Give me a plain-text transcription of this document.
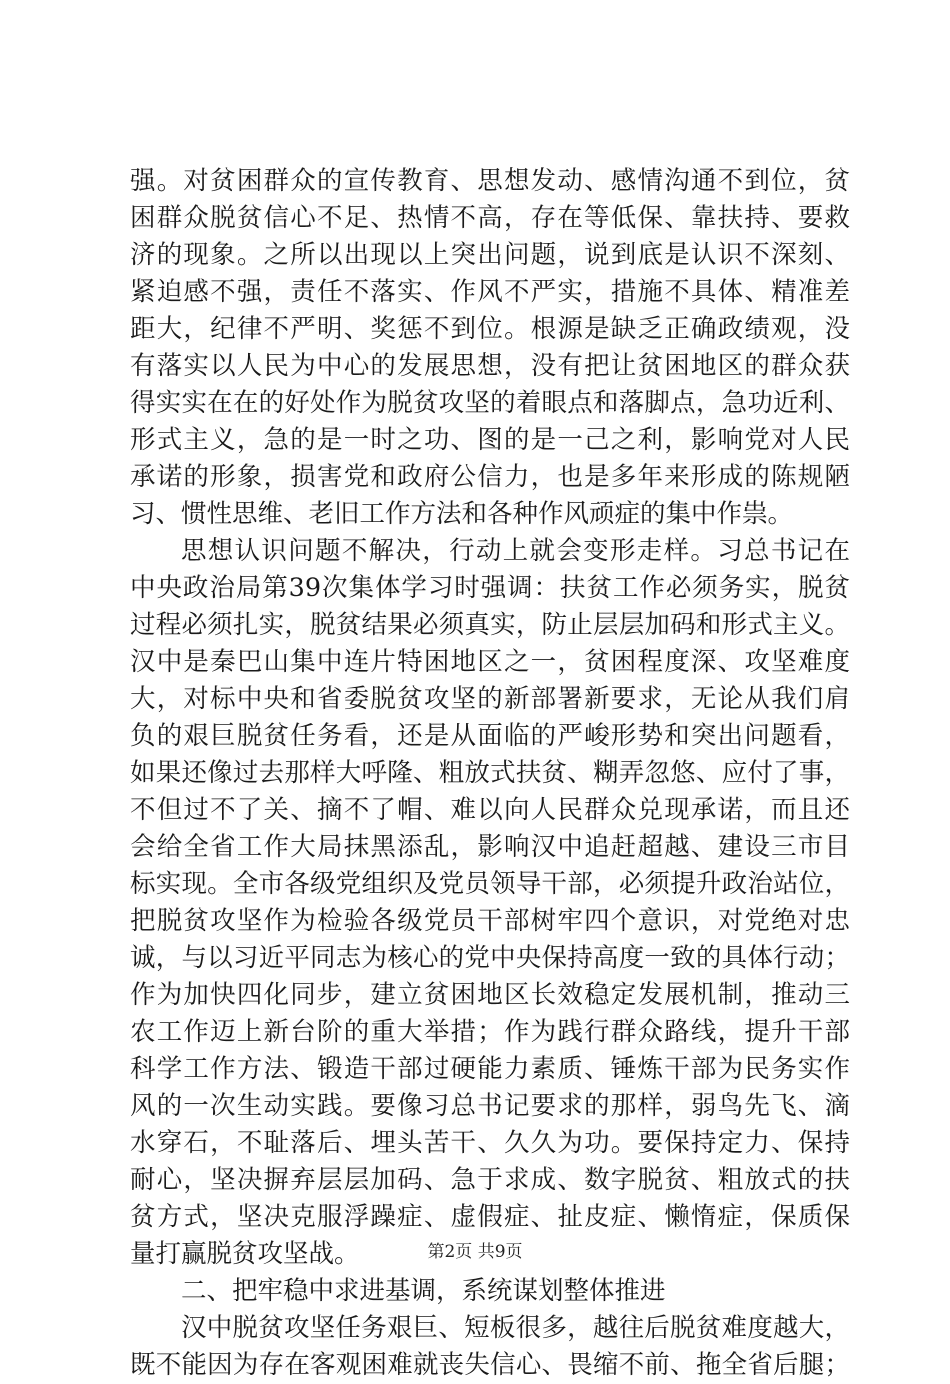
强。对贫困群众的宣传教育、思想发动、感情沟通不到位，贫
困群众脱贫信心不足、热情不高，存在等低保、靠扶持、要救
济的现象。之所以出现以上突出问题，说到底是认识不深刻、
紧迫感不强，责任不落实、作风不严实，措施不具体、精准差
距大，纪律不严明、奖惩不到位。根源是缺乏正确政绩观，没
有落实以人民为中心的发展思想，没有把让贫困地区的群众获
得实实在在的好处作为脱贫攻坚的着眼点和落脚点，急功近利、
形式主义，急的是一时之功、图的是一己之利，影响党对人民
承诺的形象，损害党和政府公信力，也是多年来形成的陈规陋
习、惯性思维、老旧工作方法和各种作风顽症的集中作祟。
思想认识问题不解决，行动上就会变形走样。习总书记在
中央政治局第39次集体学习时强调：扶贫工作必须务实，脱贫
过程必须扎实，脱贫结果必须真实，防止层层加码和形式主义。
汉中是秦巴山集中连片特困地区之一，贫困程度深、攻坚难度
大，对标中央和省委脱贫攻坚的新部署新要求，无论从我们肩
负的艰巨脱贫任务看，还是从面临的严峻形势和突出问题看，
如果还像过去那样大呼隆、粗放式扶贫、糊弄忽悠、应付了事，
不但过不了关、摘不了帽、难以向人民群众兑现承诺，而且还
会给全省工作大局抹黑添乱，影响汉中追赶超越、建设三市目
标实现。全市各级党组织及党员领导干部，必须提升政治站位，
把脱贫攻坚作为检验各级党员干部树牢四个意识，对党绝对忠
诚，与以习近平同志为核心的党中央保持高度一致的具体行动；
作为加快四化同步，建立贫困地区长效稳定发展机制，推动三
农工作迈上新台阶的重大举措；作为践行群众路线，提升干部
科学工作方法、锻造干部过硬能力素质、锤炼干部为民务实作
风的一次生动实践。要像习总书记要求的那样，弱鸟先飞、滴
水穿石，不耻落后、埋头苦干、久久为功。要保持定力、保持
耐心，坚决摒弃层层加码、急于求成、数字脱贫、粗放式的扶
贫方式，坚决克服浮躁症、虚假症、扯皮症、懒惰症，保质保
量打赢脱贫攻坚战。
二、把牢稳中求进基调，系统谋划整体推进
汉中脱贫攻坚任务艰巨、短板很多，越往后脱贫难度越大，
既不能因为存在客观困难就丧失信心、畏缩不前、拖全省后腿；
第2页 共9页
